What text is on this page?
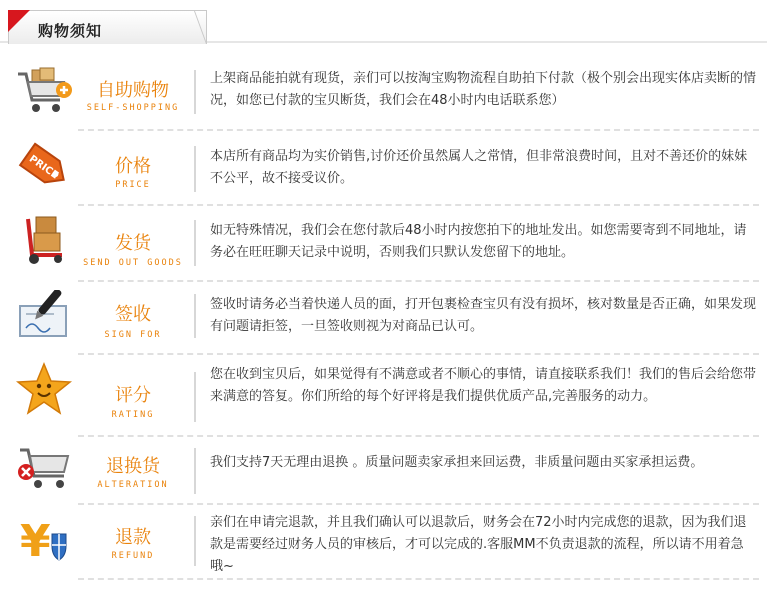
购物须知
自助购物
SELF-SHOPPING
上架商品能拍就有现货，亲们可以按淘宝购物流程自助拍下付款（极个别会出现实体店卖断的情况，如您已付款的宝贝断货，我们会在48小时内电话联系您）
PRICE	价格
PRICE
本店所有商品均为实价销售,讨价还价虽然属人之常情，但非常浪费时间，且对不善还价的妹妹不公平，故不接受议价。
发货
SEND OUT GOODS
如无特殊情况，我们会在您付款后48小时内按您拍下的地址发出。如您需要寄到不同地址，请务必在旺旺聊天记录中说明，否则我们只默认发您留下的地址。
签收
SIGN FOR
签收时请务必当着快递人员的面，打开包裹检查宝贝有没有损坏，核对数量是否正确，如果发现有问题请拒签，一旦签收则视为对商品已认可。
评分
RATING
您在收到宝贝后，如果觉得有不满意或者不顺心的事情，请直接联系我们！我们的售后会给您带来满意的答复。你们所给的每个好评将是我们提供优质产品,完善服务的动力。
退换货
ALTERATION
我们支持7天无理由退换 。质量问题卖家承担来回运费，非质量问题由买家承担运费。
¥	退款
REFUND
亲们在申请完退款，并且我们确认可以退款后，财务会在72小时内完成您的退款，因为我们退款是需要经过财务人员的审核后，才可以完成的.客服MM不负责退款的流程，所以请不用着急哦~
